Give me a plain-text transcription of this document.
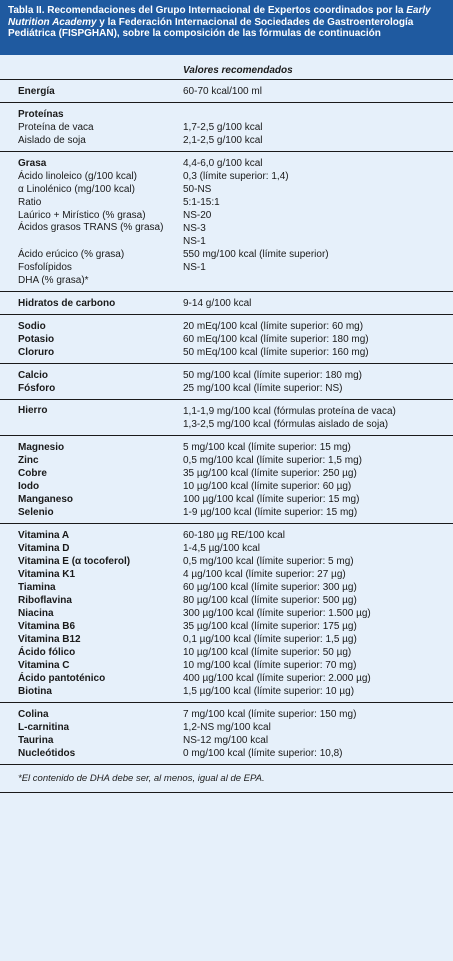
Tabla II. Recomendaciones del Grupo Internacional de Expertos coordinados por la Early Nutrition Academy y la Federación Internacional de Sociedades de Gastroenterología Pediátrica (FISPGHAN), sobre la composición de las fórmulas de continuación
Valores recomendados
Energía	60-70 kcal/100 ml
Proteínas
Proteína de vaca	1,7-2,5 g/100 kcal
Aislado de soja	2,1-2,5 g/100 kcal
Grasa	4,4-6,0 g/100 kcal
Ácido linoleico (g/100 kcal)	0,3 (límite superior: 1,4)
α Linolénico (mg/100 kcal)	50-NS
Ratio	5:1-15:1
Laúrico + Mirístico (% grasa)	NS-20
Ácidos grasos TRANS (% grasa)	NS-3
NS-1
Ácido erúcico (% grasa)	550 mg/100 kcal (límite superior)
Fosfolípidos	NS-1
DHA (% grasa)*
Hidratos de carbono	9-14 g/100 kcal
Sodio	20 mEq/100 kcal (límite superior: 60 mg)
Potasio	60 mEq/100 kcal (límite superior: 180 mg)
Cloruro	50 mEq/100 kcal (límite superior: 160 mg)
Calcio	50 mg/100 kcal (límite superior: 180 mg)
Fósforo	25 mg/100 kcal (límite superior: NS)
Hierro	1,1-1,9 mg/100 kcal (fórmulas proteína de vaca)
1,3-2,5 mg/100 kcal (fórmulas aislado de soja)
Magnesio	5 mg/100 kcal (límite superior: 15 mg)
Zinc	0,5 mg/100 kcal (límite superior: 1,5 mg)
Cobre	35 µg/100 kcal (límite superior: 250 µg)
Iodo	10 µg/100 kcal (límite superior: 60 µg)
Manganeso	100 µg/100 kcal (límite superior: 15 mg)
Selenio	1-9 µg/100 kcal (límite superior: 15 mg)
Vitamina A	60-180 µg RE/100 kcal
Vitamina D	1-4,5 µg/100 kcal
Vitamina E (α tocoferol)	0,5 mg/100 kcal (límite superior: 5 mg)
Vitamina K1	4 µg/100 kcal (límite superior: 27 µg)
Tiamina	60 µg/100 kcal (límite superior: 300 µg)
Riboflavina	80 µg/100 kcal (límite superior: 500 µg)
Niacina	300 µg/100 kcal (límite superior: 1.500 µg)
Vitamina B6	35 µg/100 kcal (límite superior: 175 µg)
Vitamina B12	0,1 µg/100 kcal (límite superior: 1,5 µg)
Ácido fólico	10 µg/100 kcal (límite superior: 50 µg)
Vitamina C	10 mg/100 kcal (límite superior: 70 mg)
Ácido pantoténico	400 µg/100 kcal (límite superior: 2.000 µg)
Biotina	1,5 µg/100 kcal (límite superior: 10 µg)
Colina	7 mg/100 kcal (límite superior: 150 mg)
L-carnitina	1,2-NS mg/100 kcal
Taurina	NS-12 mg/100 kcal
Nucleótidos	0 mg/100 kcal (límite superior: 10,8)
*El contenido de DHA debe ser, al menos, igual al de EPA.
